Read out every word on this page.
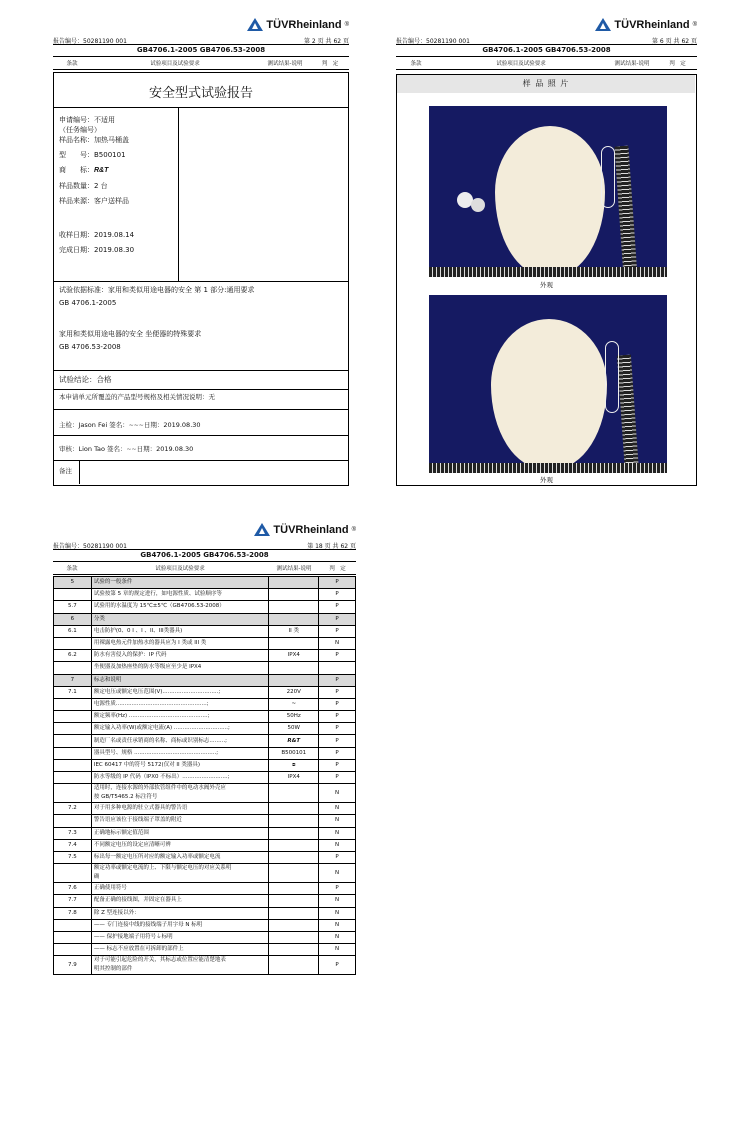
TÜVRheinland ®
报告编号：50281190 001	第 2 页 共 62 页
GB4706.1-2005 GB4706.53-2008
条款	试验项目及试验要求	测试结果-说明	判　定
安全型式试验报告
申请编号：不适用
（任务编号）
样品名称：加热马桶盖
型　　号：B500101
商　　标：R&T
样品数量：2 台
样品来源：客户送样品
收样日期：2019.08.14
完成日期：2019.08.30
试验依据标准：家用和类似用途电器的安全 第 1 部分:通用要求
GB 4706.1-2005
家用和类似用途电器的安全 坐便器的特殊要求
GB 4706.53-2008
试验结论：合格
本申请单元所覆盖的产品型号规格及相关情况说明：无
主检：Jason Fei 签名：~~~日期：2019.08.30
审核：Lion Tao 签名：~~日期：2019.08.30
备注
TÜVRheinland ®
报告编号：50281190 001	第 6 页 共 62 页
GB4706.1-2005 GB4706.53-2008
条款	试验项目及试验要求	测试结果-说明	判　定
样 品 照 片
外观
外观
TÜVRheinland ®
报告编号：50281190 001	第 18 页 共 62 页
GB4706.1-2005 GB4706.53-2008
条款	试验项目及试验要求	测试结果-说明	判　定
5	试验的一般条件		P
	试验按第 5 章的规定进行，如电源性质、试验顺序等		P
5.7	试验用的水温度为 15℃±5℃（GB4706.53-2008）		P
6	分类		P
6.1	电击防护(0、0 I 、I 、II、III类器具)	II 类	P
	用裸露电热元件加热水的器具应为 I 类或 III 类		N
6.2	防水有害侵入的保护：IP 代码	IPX4	P
	坐便器及加热座垫的防水等级应至少是 IPX4		
7	标志和说明		P
7.1	额定电压或额定电压范围(V)................................;	220V	P
	电源性质....................................................;	~	P
	额定频率(Hz) .............................................;	50Hz	P
	额定输入功率(W)或额定电流(A) ...............................;	50W	P
	制造厂名或责任承销商的名称、商标或识别标志.........;	R&T	P
	器具型号、规格 ...............................................;	B500101	P
	IEC 60417 中的符号 5172(仅对 II 类器具)	⧈	P
	防水等级的 IP 代码（IPX0 不标出）..........................;	IPX4	P

	适用时，连接水源的外部软管组件中的电动水阀外壳应
按 GB/T5465.2 标注符号		N
7.2	对于用多种电源的驻立式器具的警告语		N
	警告语应该位于接线端子罩盖的附近		N
7.3	正确地标示额定值范围		N
7.4	不同额定电压的设定应清晰可辨		N
7.5	标出每一额定电压所对应的额定输入功率或额定电流		P

	额定功率或额定电流的上、下限与额定电压的对应关系明
确		N
7.6	正确使用符号		P
7.7	配备正确的接线图，并固定在器具上		N
7.8	除 Z 型连接以外：		N
	—— 专门连接中线的接线端子用字母 N 标明		N
	—— 保护接地端子用符号⏚标明		N
	—— 标志不应放置在可拆卸的部件上		N
7.9	对于可能引起危险的开关，其标志或位置应能清楚地表
明其控制的部件		P
